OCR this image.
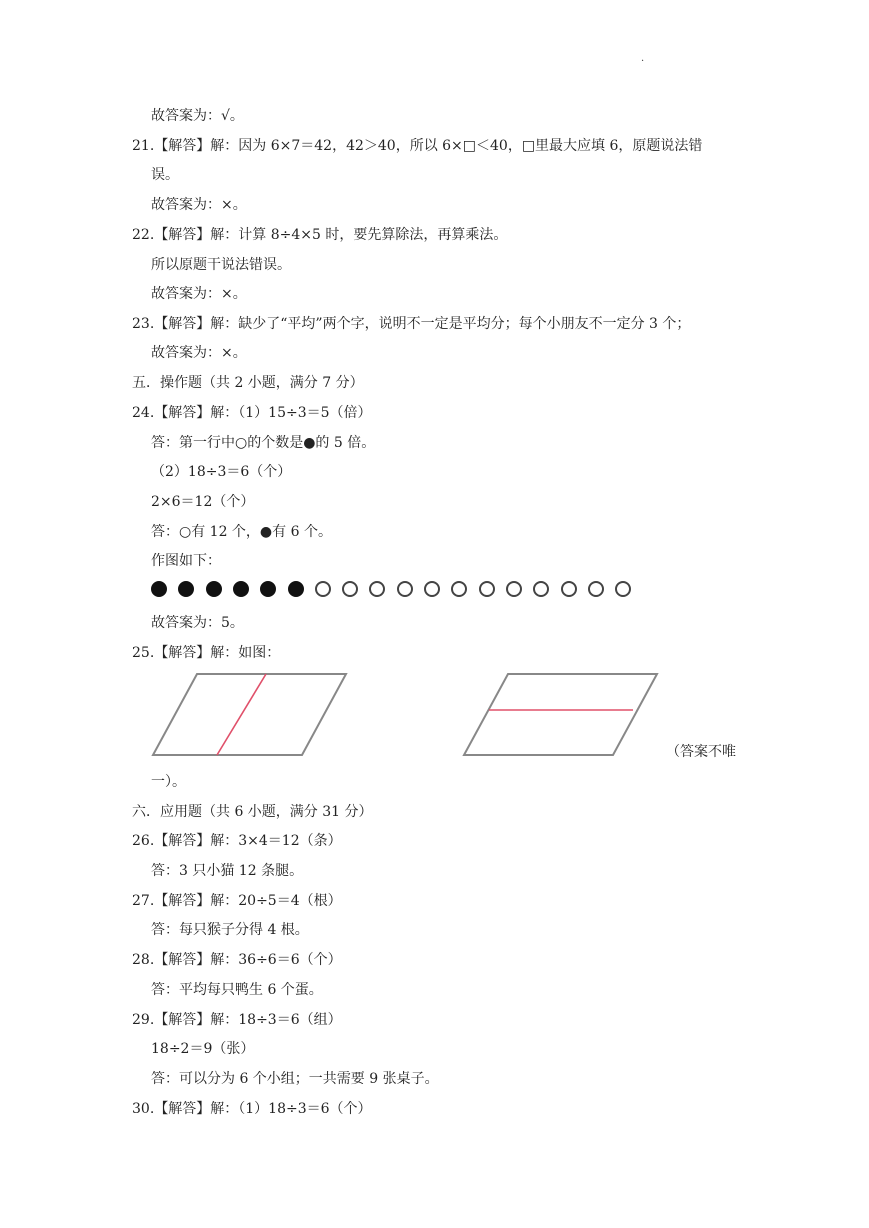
·
故答案为：√。
21.【解答】解：因为 6×7＝42，42＞40，所以 6×□＜40，□里最大应填 6，原题说法错
误。
故答案为：×。
22.【解答】解：计算 8÷4×5 时，要先算除法，再算乘法。
所以原题干说法错误。
故答案为：×。
23.【解答】解：缺少了“平均”两个字，说明不一定是平均分；每个小朋友不一定分 3 个；
故答案为：×。
五．操作题（共 2 小题，满分 7 分）
24.【解答】解：（1）15÷3＝5（倍）
答：第一行中○的个数是●的 5 倍。
（2）18÷3＝6（个）
2×6＝12（个）
答：○有 12 个，●有 6 个。
作图如下：
故答案为：5。
25.【解答】解：如图：
（答案不唯
一）。
六．应用题（共 6 小题，满分 31 分）
26.【解答】解：3×4＝12（条）
答：3 只小猫 12 条腿。
27.【解答】解：20÷5＝4（根）
答：每只猴子分得 4 根。
28.【解答】解：36÷6＝6（个）
答：平均每只鸭生 6 个蛋。
29.【解答】解：18÷3＝6（组）
18÷2＝9（张）
答：可以分为 6 个小组；一共需要 9 张桌子。
30.【解答】解：（1）18÷3＝6（个）
